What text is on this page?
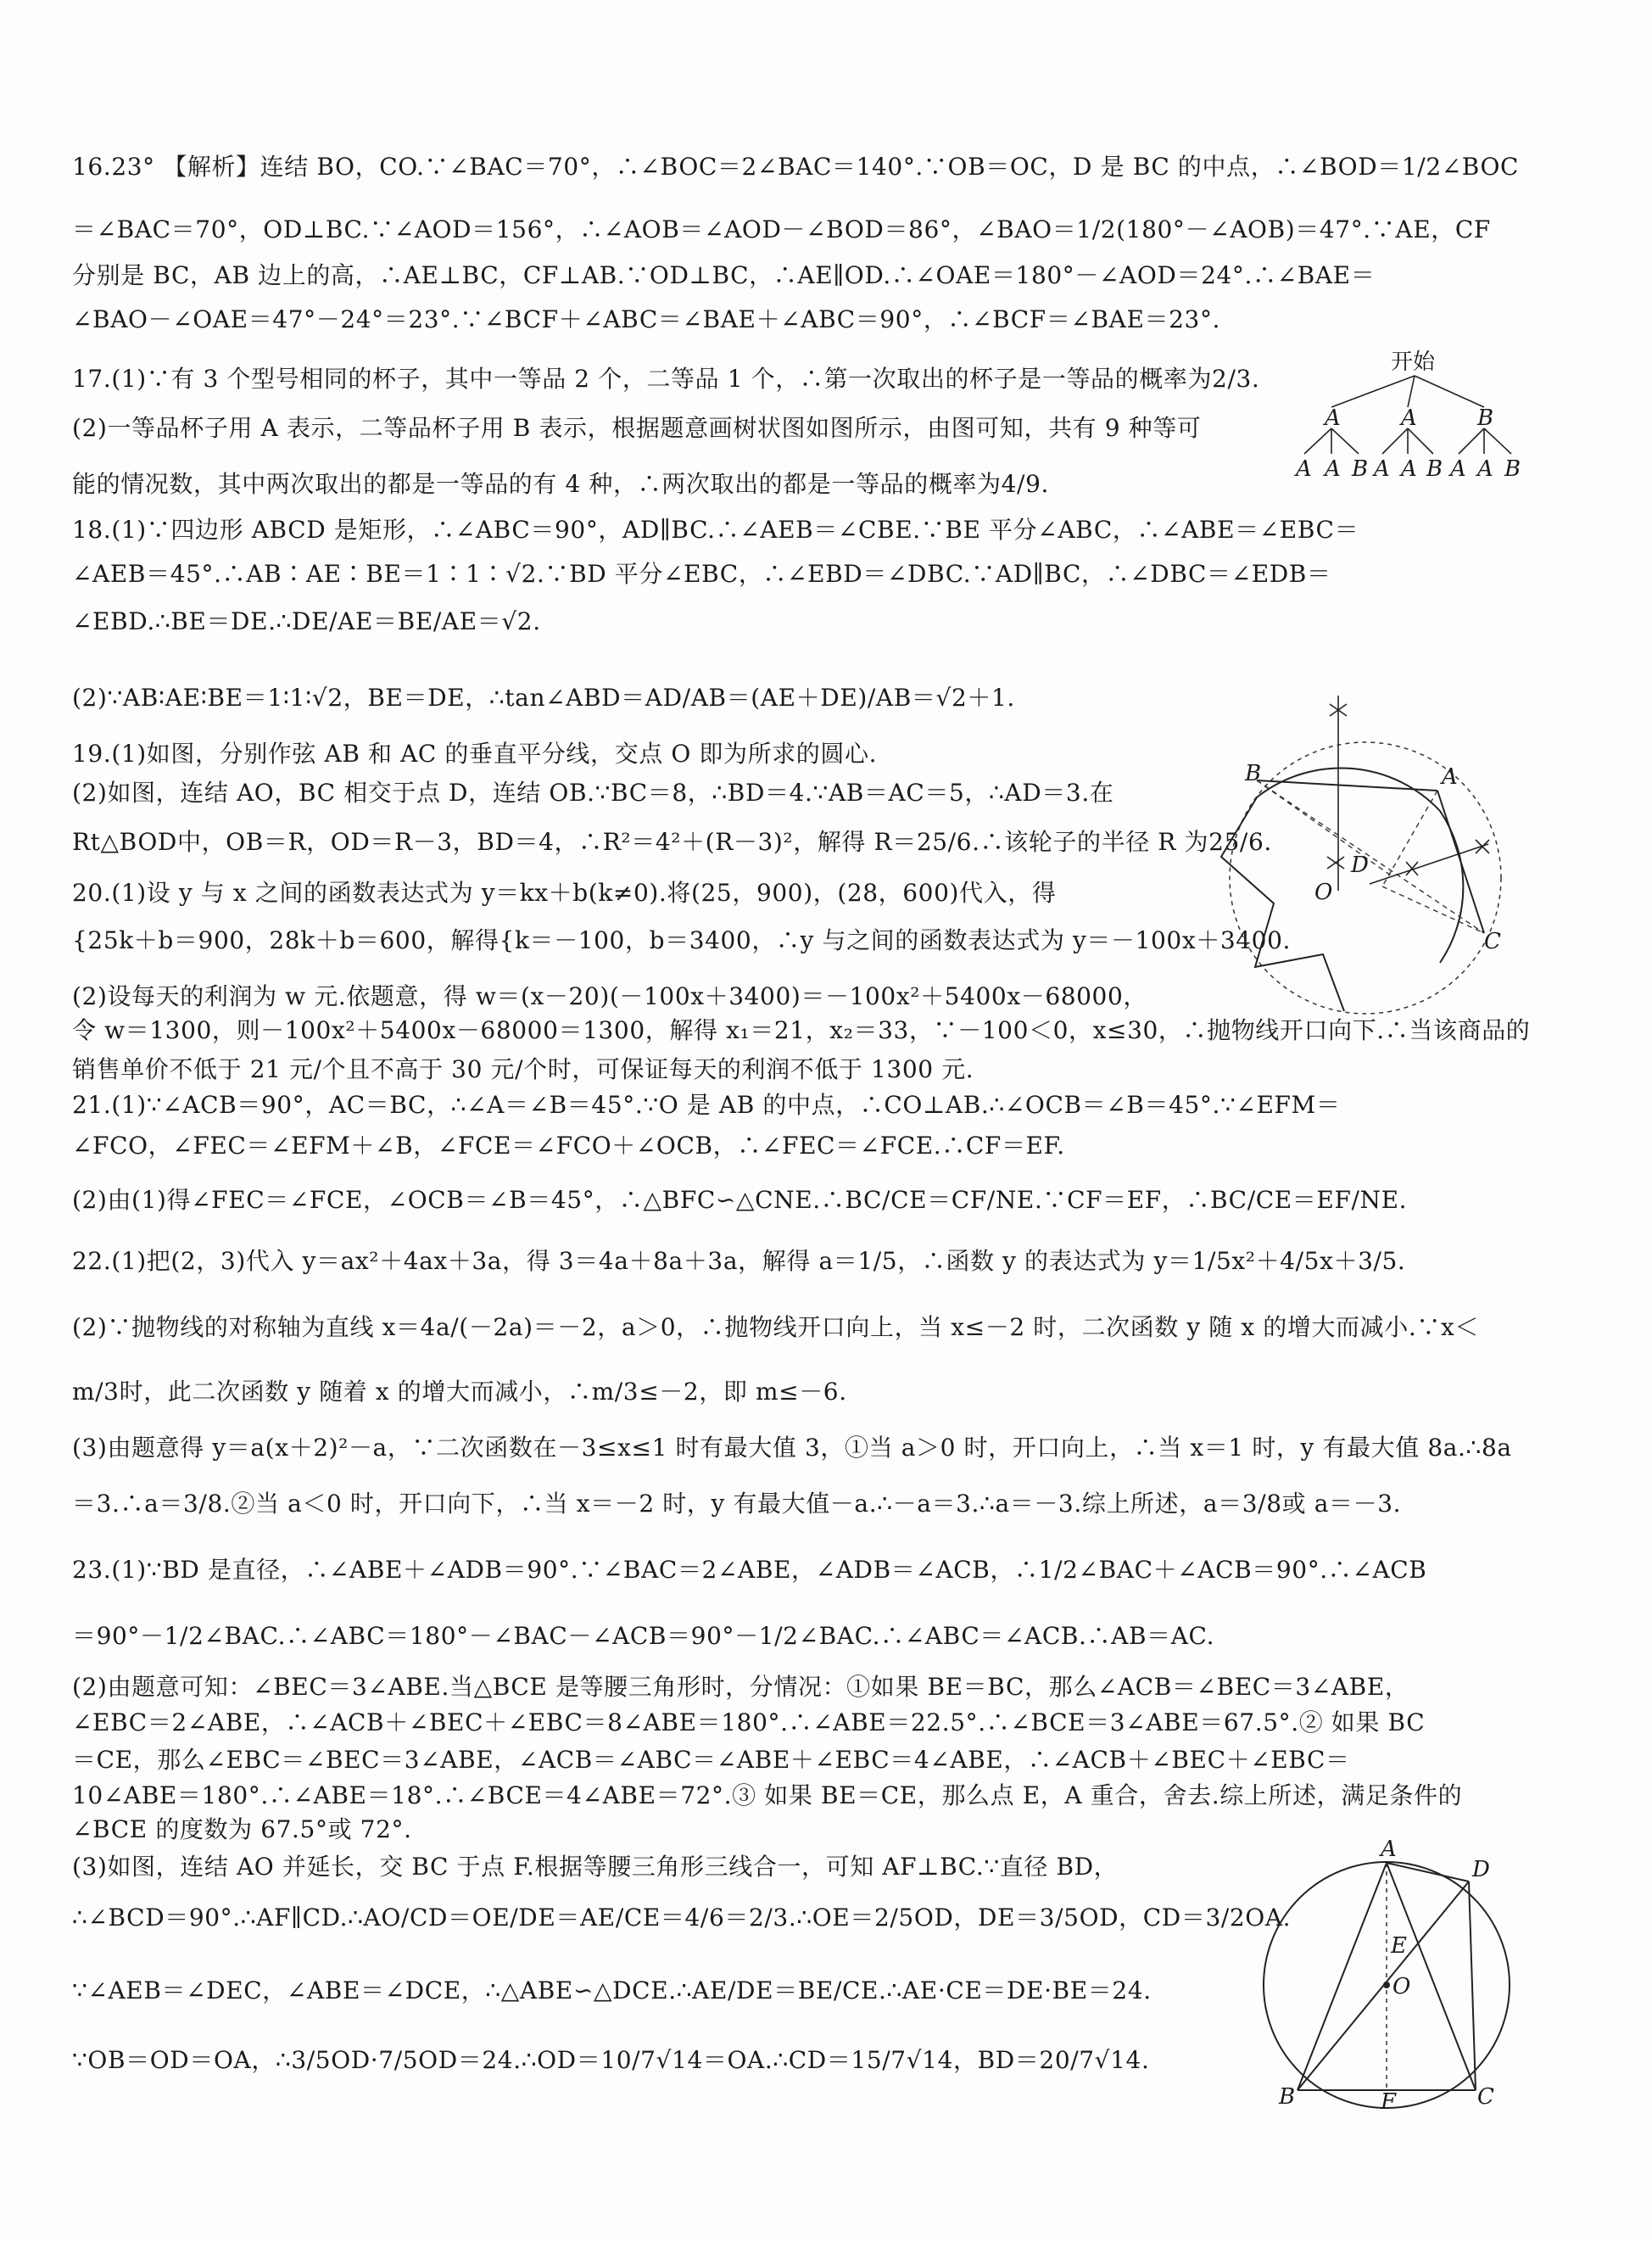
16.23° 【解析】连结 BO，CO.∵∠BAC＝70°，∴∠BOC＝2∠BAC＝140°.∵OB＝OC，D 是 BC 的中点，∴∠BOD＝1/2∠BOC
＝∠BAC＝70°，OD⊥BC.∵∠AOD＝156°，∴∠AOB＝∠AOD－∠BOD＝86°，∠BAO＝1/2(180°－∠AOB)＝47°.∵AE，CF
分别是 BC，AB 边上的高，∴AE⊥BC，CF⊥AB.∵OD⊥BC，∴AE∥OD.∴∠OAE＝180°－∠AOD＝24°.∴∠BAE＝
∠BAO－∠OAE＝47°－24°＝23°.∵∠BCF＋∠ABC＝∠BAE＋∠ABC＝90°，∴∠BCF＝∠BAE＝23°.
17.(1)∵有 3 个型号相同的杯子，其中一等品 2 个，二等品 1 个，∴第一次取出的杯子是一等品的概率为2/3.
(2)一等品杯子用 A 表示，二等品杯子用 B 表示，根据题意画树状图如图所示，由图可知，共有 9 种等可
能的情况数，其中两次取出的都是一等品的有 4 种，∴两次取出的都是一等品的概率为4/9.
18.(1)∵四边形 ABCD 是矩形，∴∠ABC＝90°，AD∥BC.∴∠AEB＝∠CBE.∵BE 平分∠ABC，∴∠ABE＝∠EBC＝
∠AEB＝45°.∴AB∶AE∶BE＝1∶1∶√2.∵BD 平分∠EBC，∴∠EBD＝∠DBC.∵AD∥BC，∴∠DBC＝∠EDB＝
∠EBD.∴BE＝DE.∴DE/AE＝BE/AE＝√2.
(2)∵AB∶AE∶BE＝1∶1∶√2，BE＝DE，∴tan∠ABD＝AD/AB＝(AE＋DE)/AB＝√2＋1.
19.(1)如图，分别作弦 AB 和 AC 的垂直平分线，交点 O 即为所求的圆心.
(2)如图，连结 AO，BC 相交于点 D，连结 OB.∵BC＝8，∴BD＝4.∵AB＝AC＝5，∴AD＝3.在
Rt△BOD中，OB＝R，OD＝R－3，BD＝4，∴R²＝4²＋(R－3)²，解得 R＝25/6.∴该轮子的半径 R 为25/6.
20.(1)设 y 与 x 之间的函数表达式为 y＝kx＋b(k≠0).将(25，900)，(28，600)代入，得
{25k＋b＝900，28k＋b＝600，解得{k＝－100，b＝3400，∴y 与之间的函数表达式为 y＝－100x＋3400.
(2)设每天的利润为 w 元.依题意，得 w＝(x－20)(－100x＋3400)＝－100x²＋5400x－68000，
令 w＝1300，则－100x²＋5400x－68000＝1300，解得 x₁＝21，x₂＝33，∵－100＜0，x≤30，∴抛物线开口向下.∴当该商品的
销售单价不低于 21 元/个且不高于 30 元/个时，可保证每天的利润不低于 1300 元.
21.(1)∵∠ACB＝90°，AC＝BC，∴∠A＝∠B＝45°.∵O 是 AB 的中点，∴CO⊥AB.∴∠OCB＝∠B＝45°.∵∠EFM＝
∠FCO，∠FEC＝∠EFM＋∠B，∠FCE＝∠FCO＋∠OCB，∴∠FEC＝∠FCE.∴CF＝EF.
(2)由(1)得∠FEC＝∠FCE，∠OCB＝∠B＝45°，∴△BFC∽△CNE.∴BC/CE＝CF/NE.∵CF＝EF，∴BC/CE＝EF/NE.
22.(1)把(2，3)代入 y＝ax²＋4ax＋3a，得 3＝4a＋8a＋3a，解得 a＝1/5，∴函数 y 的表达式为 y＝1/5x²＋4/5x＋3/5.
(2)∵抛物线的对称轴为直线 x＝4a/(－2a)＝－2，a＞0，∴抛物线开口向上，当 x≤－2 时，二次函数 y 随 x 的增大而减小.∵x＜
m/3时，此二次函数 y 随着 x 的增大而减小，∴m/3≤－2，即 m≤－6.
(3)由题意得 y＝a(x＋2)²－a，∵二次函数在－3≤x≤1 时有最大值 3，①当 a＞0 时，开口向上，∴当 x＝1 时，y 有最大值 8a.∴8a
＝3.∴a＝3/8.②当 a＜0 时，开口向下，∴当 x＝－2 时，y 有最大值－a.∴－a＝3.∴a＝－3.综上所述，a＝3/8或 a＝－3.
23.(1)∵BD 是直径，∴∠ABE＋∠ADB＝90°.∵∠BAC＝2∠ABE，∠ADB＝∠ACB，∴1/2∠BAC＋∠ACB＝90°.∴∠ACB
＝90°－1/2∠BAC.∴∠ABC＝180°－∠BAC－∠ACB＝90°－1/2∠BAC.∴∠ABC＝∠ACB.∴AB＝AC.
(2)由题意可知：∠BEC＝3∠ABE.当△BCE 是等腰三角形时，分情况：①如果 BE＝BC，那么∠ACB＝∠BEC＝3∠ABE，
∠EBC＝2∠ABE，∴∠ACB＋∠BEC＋∠EBC＝8∠ABE＝180°.∴∠ABE＝22.5°.∴∠BCE＝3∠ABE＝67.5°.② 如果 BC
＝CE，那么∠EBC＝∠BEC＝3∠ABE，∠ACB＝∠ABC＝∠ABE＋∠EBC＝4∠ABE，∴∠ACB＋∠BEC＋∠EBC＝
10∠ABE＝180°.∴∠ABE＝18°.∴∠BCE＝4∠ABE＝72°.③ 如果 BE＝CE，那么点 E，A 重合，舍去.综上所述，满足条件的
∠BCE 的度数为 67.5°或 72°.
(3)如图，连结 AO 并延长，交 BC 于点 F.根据等腰三角形三线合一，可知 AF⊥BC.∵直径 BD，
∴∠BCD＝90°.∴AF∥CD.∴AO/CD＝OE/DE＝AE/CE＝4/6＝2/3.∴OE＝2/5OD，DE＝3/5OD，CD＝3/2OA.
∵∠AEB＝∠DEC，∠ABE＝∠DCE，∴△ABE∽△DCE.∴AE/DE＝BE/CE.∴AE·CE＝DE·BE＝24.
∵OB＝OD＝OA，∴3/5OD·7/5OD＝24.∴OD＝10/7√14＝OA.∴CD＝15/7√14，BD＝20/7√14.
开始
A	A	B
A A B A A B A A B
B	A
D
O
C
A
D
E
O
B	F	C
